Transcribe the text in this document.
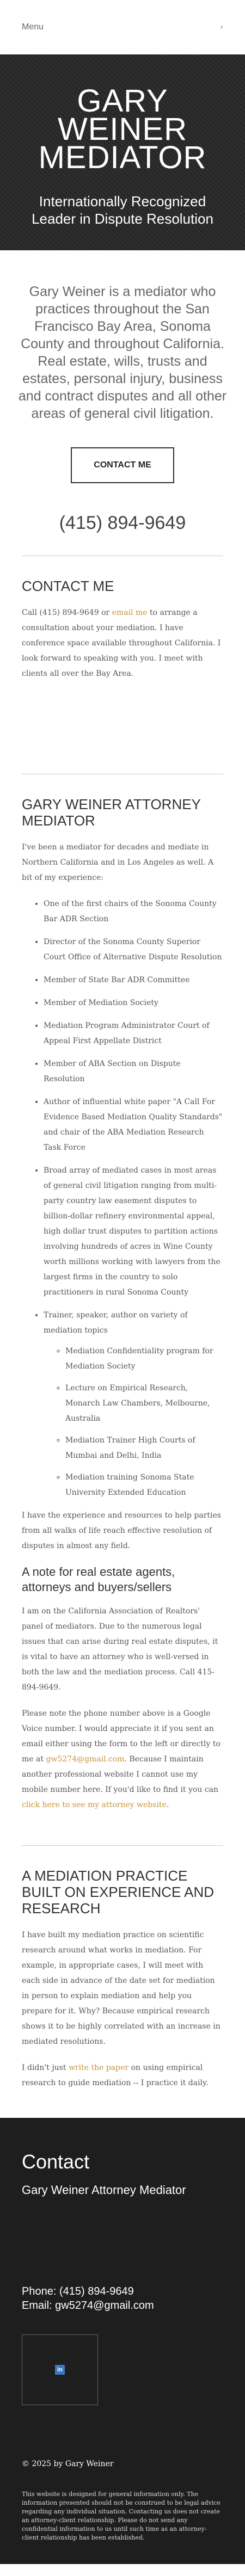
Menu	›
GARY WEINER MEDIATOR
Internationally Recognized Leader in Dispute Resolution

Gary Weiner is a mediator who practices throughout the San Francisco Bay Area, Sonoma County and throughout California. Real estate, wills, trusts and estates, personal injury, business and contract disputes and all other areas of general civil litigation.

CONTACT ME
(415) 894-9649
CONTACT ME

Call (415) 894-9649 or email me to arrange a consultation about your mediation. I have conference space available throughout California. I look forward to speaking with you. I meet with clients all over the Bay Area.

GARY WEINER ATTORNEY MEDIATOR

I've been a mediator for decades and mediate in Northern California and in Los Angeles as well. A bit of my experience:

• One of the first chairs of the Sonoma County Bar ADR Section
• Director of the Sonoma County Superior Court Office of Alternative Dispute Resolution
• Member of State Bar ADR Committee
• Member of Mediation Society
• Mediation Program Administrator Court of Appeal First Appellate District
• Member of ABA Section on Dispute Resolution
• Author of influential white paper "A Call For Evidence Based Mediation Quality Standards" and chair of the ABA Mediation Research Task Force
• Broad array of mediated cases in most areas of general civil litigation ranging from multi-party country law easement disputes to billion-dollar refinery environmental appeal, high dollar trust disputes to partition actions involving hundreds of acres in Wine County worth millions working with lawyers from the largest firms in the country to solo practitioners in rural Sonoma County
• Trainer, speaker, author on variety of mediation topics
◦ Mediation Confidentiality program for Mediation Society
◦ Lecture on Empirical Research, Monarch Law Chambers, Melbourne, Australia
◦ Mediation Trainer High Courts of Mumbai and Delhi, India
◦ Mediation training Sonoma State University Extended Education

I have the experience and resources to help parties from all walks of life reach effective resolution of disputes in almost any field.

A note for real estate agents, attorneys and buyers/sellers

I am on the California Association of Realtors' panel of mediators. Due to the numerous legal issues that can arise during real estate disputes, it is vital to have an attorney who is well-versed in both the law and the mediation process. Call 415-894-9649.

Please note the phone number above is a Google Voice number. I would appreciate it if you sent an email either using the form to the left or directly to me at gw5274@gmail.com. Because I maintain another professional website I cannot use my mobile number here. If you'd like to find it you can click here to see my attorney website.

A MEDIATION PRACTICE BUILT ON EXPERIENCE AND RESEARCH

I have built my mediation practice on scientific research around what works in mediation. For example, in appropriate cases, I will meet with each side in advance of the date set for mediation in person to explain mediation and help you prepare for it. Why? Because empirical research shows it to be highly correlated with an increase in mediated resolutions.

I didn't just write the paper on using empirical research to guide mediation -- I practice it daily.

Contact
Gary Weiner Attorney Mediator
Phone: (415) 894-9649
Email: gw5274@gmail.com
in
© 2025 by Gary Weiner
This website is designed for general information only. The information presented should not be construed to be legal advice regarding any individual situation. Contacting us does not create an attorney-client relationship. Please do not send any confidential information to us until such time as an attorney-client relationship has been established.
